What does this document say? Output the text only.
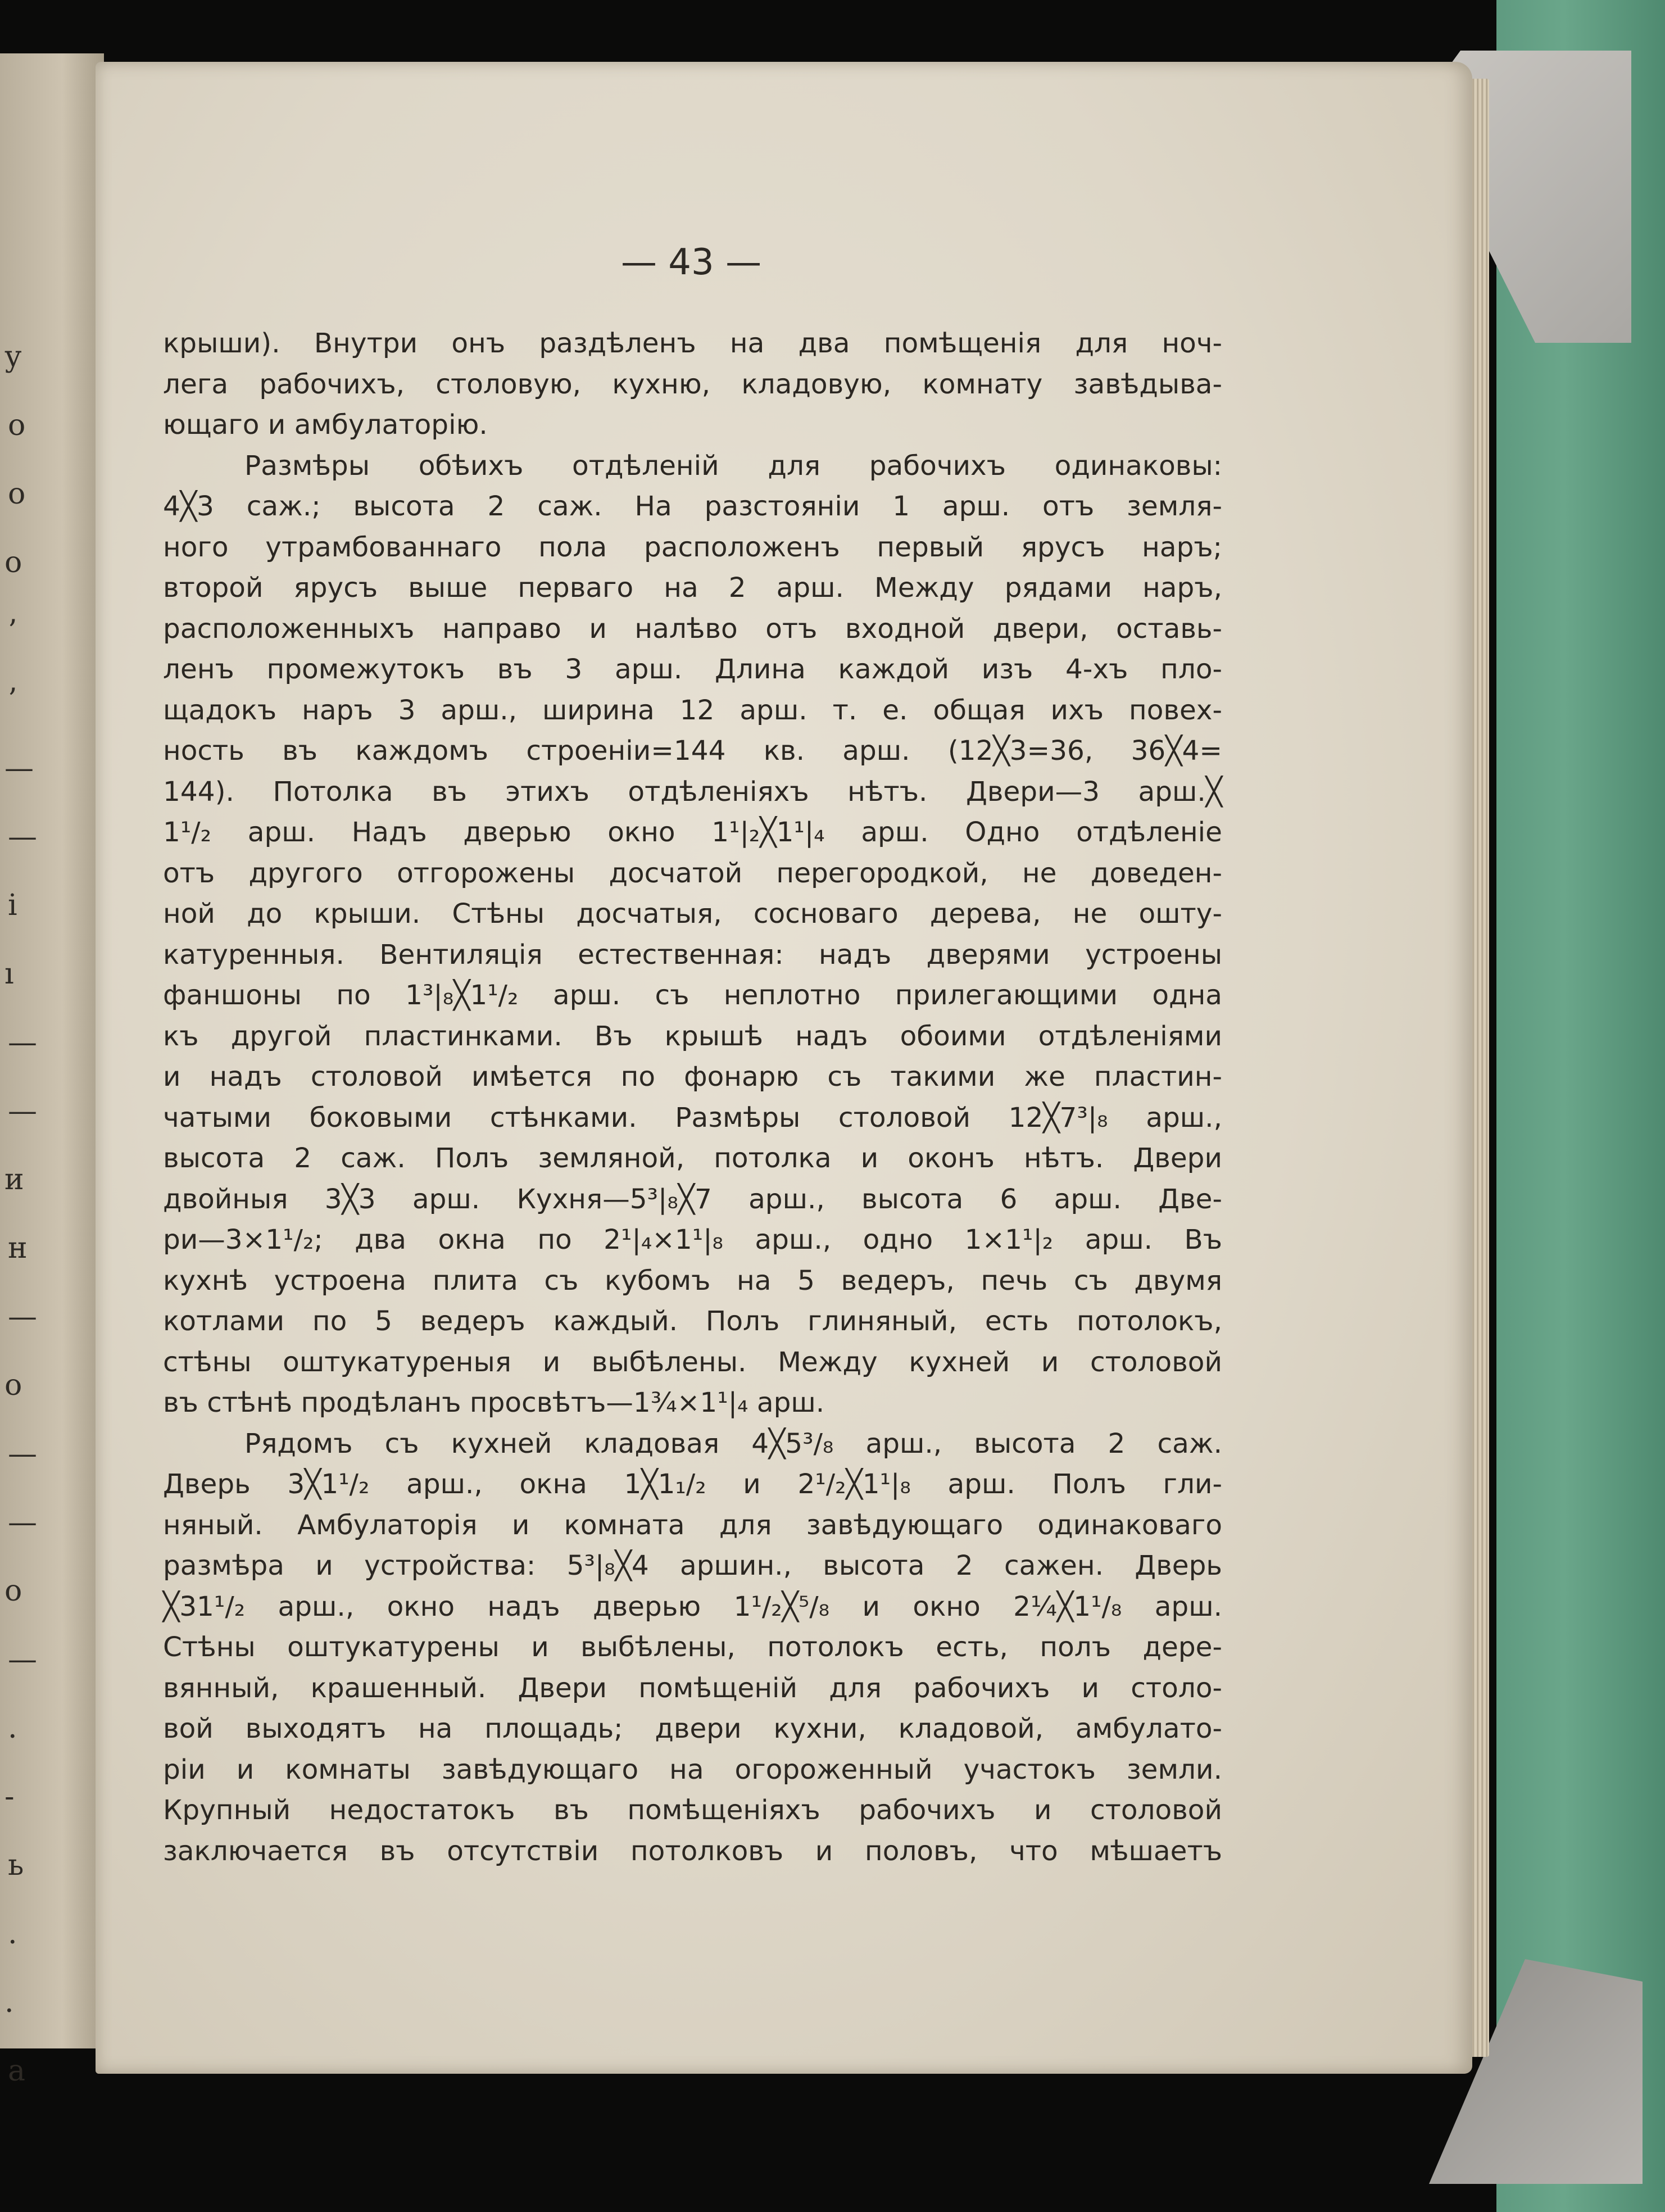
у
о
о
о
’
’
—
—
і
ı
—
—
и
н
—
о
—
—
о
—
.
-
ь
.
.
а
— 43 —
крыши). Внутри онъ раздѣленъ на два помѣщенія для ноч-
лега рабочихъ, столовую, кухню, кладовую, комнату завѣдыва-
ющаго и амбулаторію.
Размѣры обѣихъ отдѣленій для рабочихъ одинаковы:
4╳3 саж.; высота 2 саж. На разстояніи 1 арш. отъ земля-
ного утрамбованнаго пола расположенъ первый ярусъ наръ;
второй ярусъ выше перваго на 2 арш. Между рядами наръ,
расположенныхъ направо и налѣво отъ входной двери, оставь-
ленъ промежутокъ въ 3 арш. Длина каждой изъ 4-хъ пло-
щадокъ наръ 3 арш., ширина 12 арш. т. е. общая ихъ повех-
ность въ каждомъ строеніи=144 кв. арш. (12╳3=36, 36╳4=
144). Потолка въ этихъ отдѣленіяхъ нѣтъ. Двери—3 арш.╳
1¹/₂ арш. Надъ дверью окно 1¹|₂╳1¹|₄ арш. Одно отдѣленіе
отъ другого отгорожены досчатой перегородкой, не доведен-
ной до крыши. Стѣны досчатыя, сосноваго дерева, не ошту-
катуренныя. Вентиляція естественная: надъ дверями устроены
фаншоны по 1³|₈╳1¹/₂ арш. съ неплотно прилегающими одна
къ другой пластинками. Въ крышѣ надъ обоими отдѣленіями
и надъ столовой имѣется по фонарю съ такими же пластин-
чатыми боковыми стѣнками. Размѣры столовой 12╳7³|₈ арш.,
высота 2 саж. Полъ земляной, потолка и оконъ нѣтъ. Двери
двойныя 3╳3 арш. Кухня—5³|₈╳7 арш., высота 6 арш. Две-
ри—3×1¹/₂; два окна по 2¹|₄×1¹|₈ арш., одно 1×1¹|₂ арш. Въ
кухнѣ устроена плита съ кубомъ на 5 ведеръ, печь съ двумя
котлами по 5 ведеръ каждый. Полъ глиняный, есть потолокъ,
стѣны оштукатуреныя и выбѣлены. Между кухней и столовой
въ стѣнѣ продѣланъ просвѣтъ—1¾×1¹|₄ арш.
Рядомъ съ кухней кладовая 4╳5³/₈ арш., высота 2 саж.
Дверь 3╳1¹/₂ арш., окна 1╳1₁/₂ и 2¹/₂╳1¹|₈ арш. Полъ гли-
няный. Амбулаторія и комната для завѣдующаго одинаковаго
размѣра и устройства: 5³|₈╳4 аршин., высота 2 сажен. Дверь
╳31¹/₂ арш., окно надъ дверью 1¹/₂╳⁵/₈ и окно 2¼╳1¹/₈ арш.
Стѣны оштукатурены и выбѣлены, потолокъ есть, полъ дере-
вянный, крашенный. Двери помѣщеній для рабочихъ и столо-
вой выходятъ на площадь; двери кухни, кладовой, амбулато-
ріи и комнаты завѣдующаго на огороженный участокъ земли.
Крупный недостатокъ въ помѣщеніяхъ рабочихъ и столовой
заключается въ отсутствіи потолковъ и половъ, что мѣшаетъ
